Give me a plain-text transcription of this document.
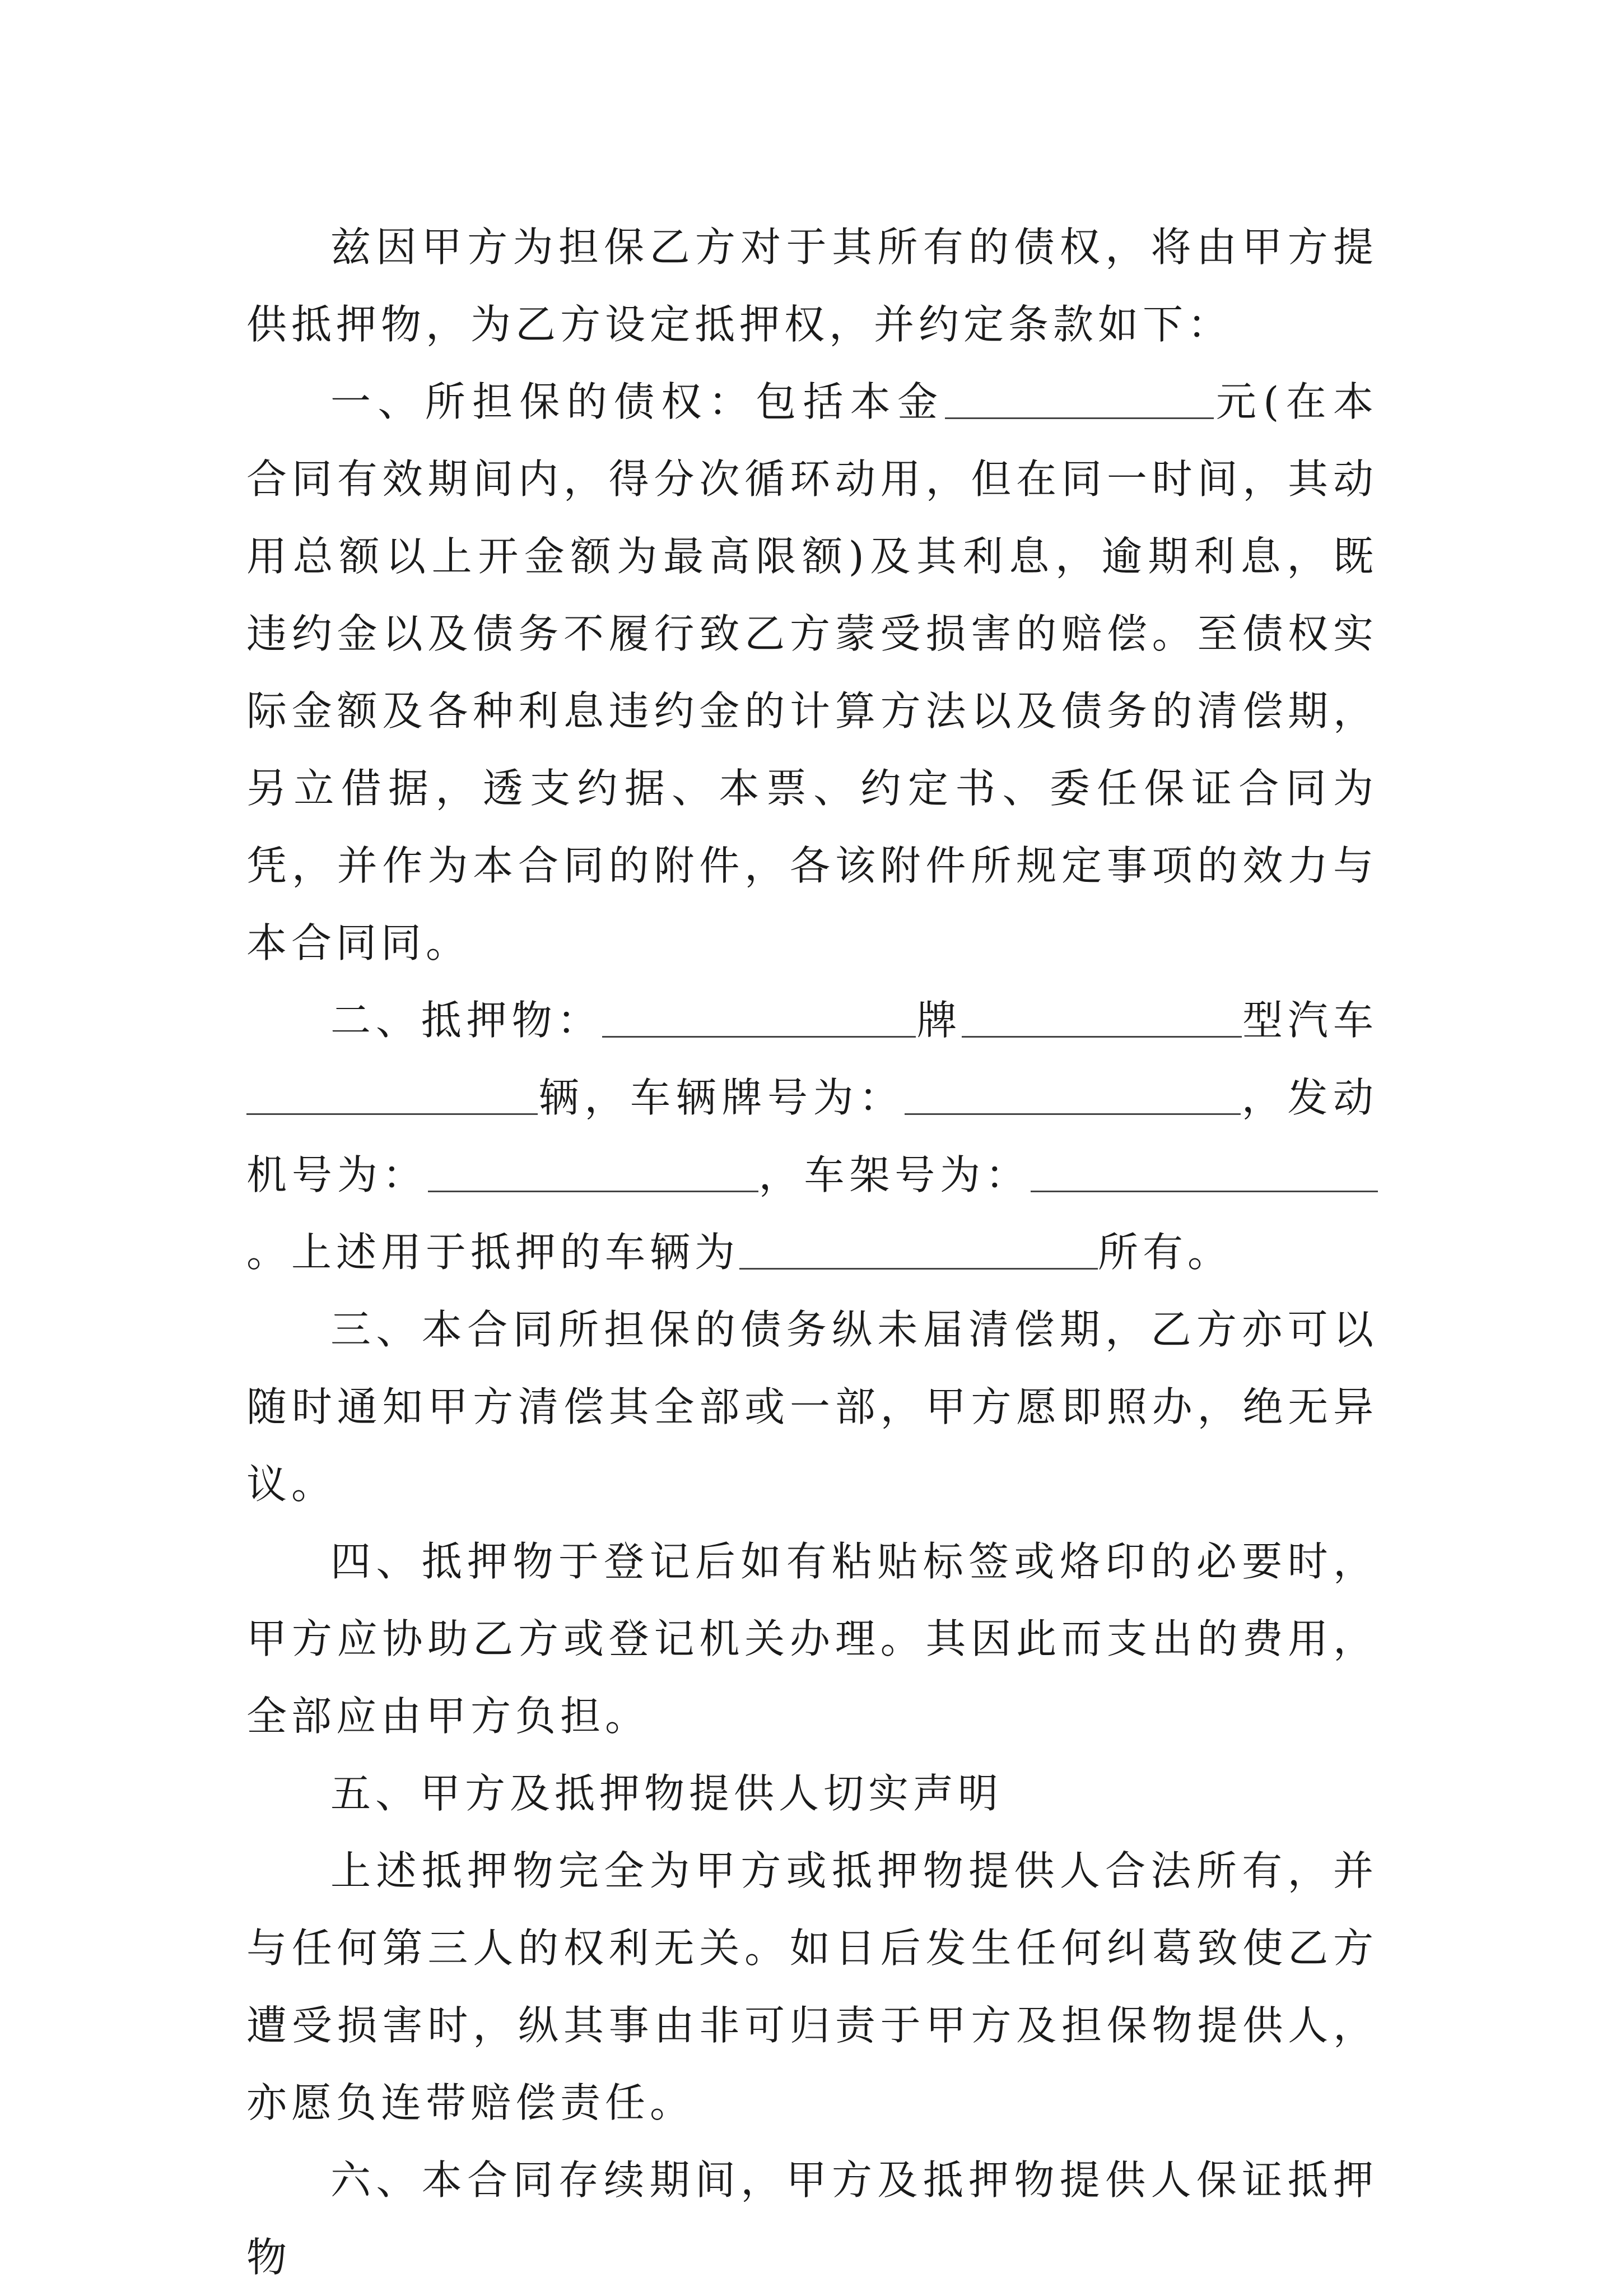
兹因甲方为担保乙方对于其所有的债权，将由甲方提供抵押物，为乙方设定抵押权，并约定条款如下：

一、所担保的债权：包括本金	元(在本合同有效期间内，得分次循环动用，但在同一时间，其动用总额以上开金额为最高限额)及其利息，逾期利息，既违约金以及债务不履行致乙方蒙受损害的赔偿。至债权实际金额及各种利息违约金的计算方法以及债务的清偿期，另立借据，透支约据、本票、约定书、委任保证合同为凭，并作为本合同的附件，各该附件所规定事项的效力与本合同同。

二、抵押物：	牌	型汽车辆，车辆牌号为：	，发动机号为：	，车架号为：。上述用于抵押的车辆为	所有。

三、本合同所担保的债务纵未届清偿期，乙方亦可以随时通知甲方清偿其全部或一部，甲方愿即照办，绝无异议。

四、抵押物于登记后如有粘贴标签或烙印的必要时，甲方应协助乙方或登记机关办理。其因此而支出的费用，全部应由甲方负担。

五、甲方及抵押物提供人切实声明

上述抵押物完全为甲方或抵押物提供人合法所有，并与任何第三人的权利无关。如日后发生任何纠葛致使乙方遭受损害时，纵其事由非可归责于甲方及担保物提供人，亦愿负连带赔偿责任。

六、本合同存续期间，甲方及抵押物提供人保证抵押物
